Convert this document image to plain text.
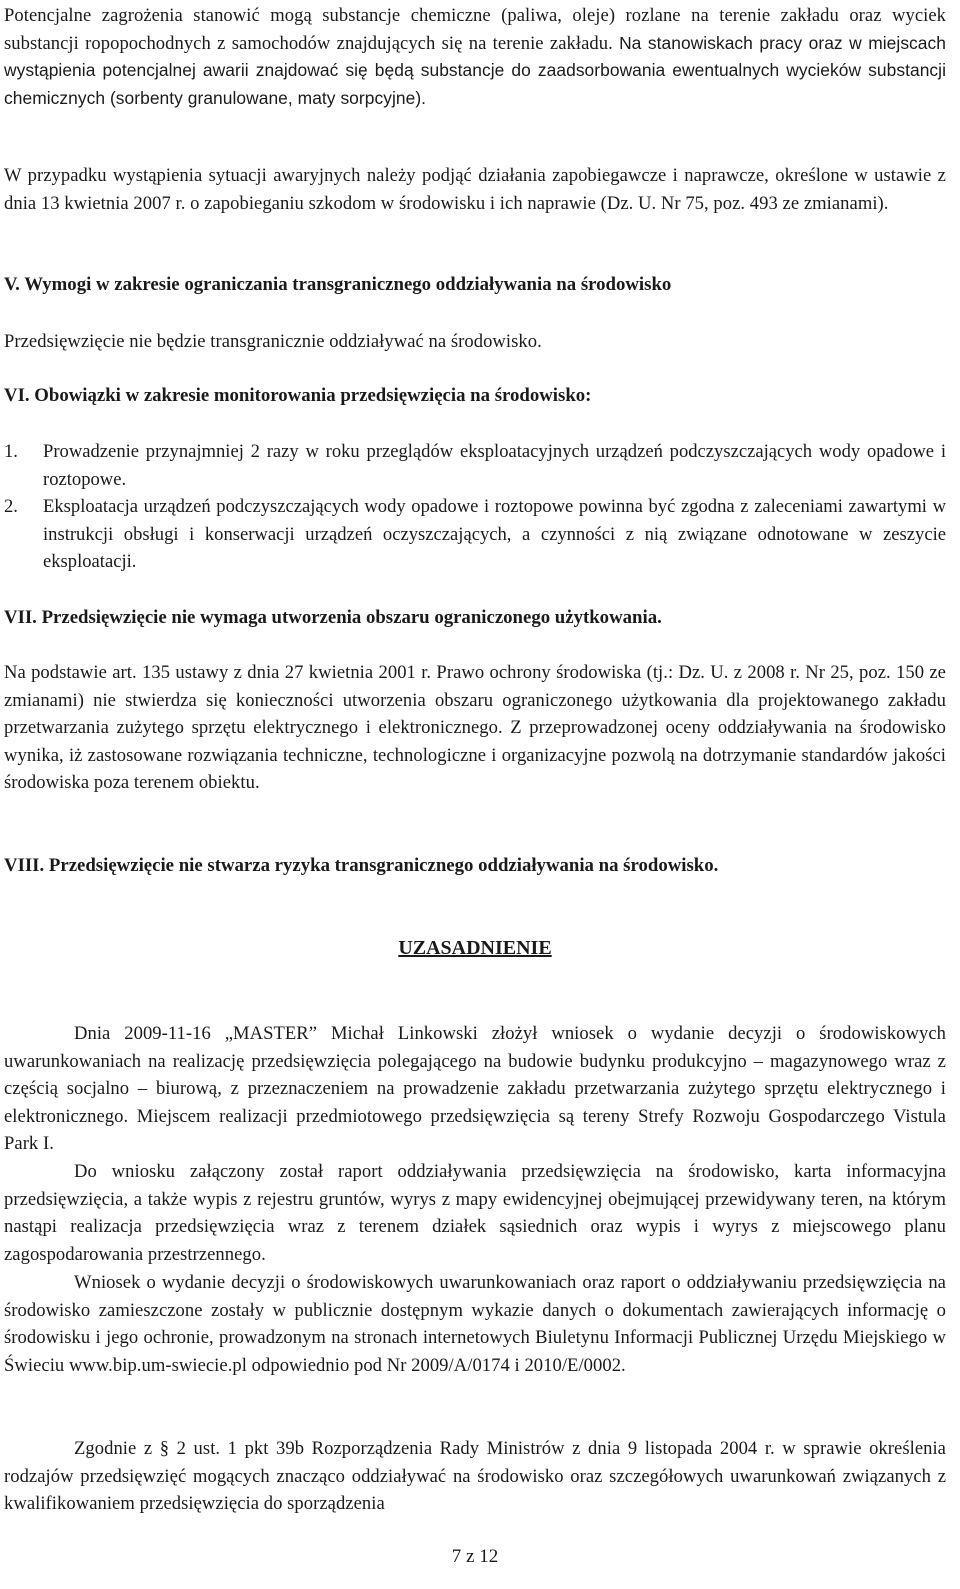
Potencjalne zagrożenia stanowić mogą substancje chemiczne (paliwa, oleje) rozlane na terenie zakładu oraz wyciek substancji ropopochodnych z samochodów znajdujących się na terenie zakładu. Na stanowiskach pracy oraz w miejscach wystąpienia potencjalnej awarii znajdować się będą substancje do zaadsorbowania ewentualnych wycieków substancji chemicznych (sorbenty granulowane, maty sorpcyjne).

W przypadku wystąpienia sytuacji awaryjnych należy podjąć działania zapobiegawcze i naprawcze, określone w ustawie z dnia 13 kwietnia 2007 r. o zapobieganiu szkodom w środowisku i ich naprawie (Dz. U. Nr 75, poz. 493 ze zmianami).

V. Wymogi w zakresie ograniczania transgranicznego oddziaływania na środowisko

Przedsięwzięcie nie będzie transgranicznie oddziaływać na środowisko.

VI. Obowiązki w zakresie monitorowania przedsięwzięcia na środowisko:
1. Prowadzenie przynajmniej 2 razy w roku przeglądów eksploatacyjnych urządzeń podczyszczających wody opadowe i roztopowe.
2. Eksploatacja urządzeń podczyszczających wody opadowe i roztopowe powinna być zgodna z zaleceniami zawartymi w instrukcji obsługi i konserwacji urządzeń oczyszczających, a czynności z nią związane odnotowane w zeszycie eksploatacji.
VII. Przedsięwzięcie nie wymaga utworzenia obszaru ograniczonego użytkowania.

Na podstawie art. 135 ustawy z dnia 27 kwietnia 2001 r. Prawo ochrony środowiska (tj.: Dz. U. z 2008 r. Nr 25, poz. 150 ze zmianami) nie stwierdza się konieczności utworzenia obszaru ograniczonego użytkowania dla projektowanego zakładu przetwarzania zużytego sprzętu elektrycznego i elektronicznego. Z przeprowadzonej oceny oddziaływania na środowisko wynika, iż zastosowane rozwiązania techniczne, technologiczne i organizacyjne pozwolą na dotrzymanie standardów jakości środowiska poza terenem obiektu.

VIII. Przedsięwzięcie nie stwarza ryzyka transgranicznego oddziaływania na środowisko.
UZASADNIENIE

Dnia 2009-11-16 „MASTER” Michał Linkowski złożył wniosek o wydanie decyzji o środowiskowych uwarunkowaniach na realizację przedsięwzięcia polegającego na budowie budynku produkcyjno – magazynowego wraz z częścią socjalno – biurową, z przeznaczeniem na prowadzenie zakładu przetwarzania zużytego sprzętu elektrycznego i elektronicznego. Miejscem realizacji przedmiotowego przedsięwzięcia są tereny Strefy Rozwoju Gospodarczego Vistula Park I.

Do wniosku załączony został raport oddziaływania przedsięwzięcia na środowisko, karta informacyjna przedsięwzięcia, a także wypis z rejestru gruntów, wyrys z mapy ewidencyjnej obejmującej przewidywany teren, na którym nastąpi realizacja przedsięwzięcia wraz z terenem działek sąsiednich oraz wypis i wyrys z miejscowego planu zagospodarowania przestrzennego.

Wniosek o wydanie decyzji o środowiskowych uwarunkowaniach oraz raport o oddziaływaniu przedsięwzięcia na środowisko zamieszczone zostały w publicznie dostępnym wykazie danych o dokumentach zawierających informację o środowisku i jego ochronie, prowadzonym na stronach internetowych Biuletynu Informacji Publicznej Urzędu Miejskiego w Świeciu www.bip.um-swiecie.pl odpowiednio pod Nr 2009/A/0174 i 2010/E/0002.

Zgodnie z § 2 ust. 1 pkt 39b Rozporządzenia Rady Ministrów z dnia 9 listopada 2004 r. w sprawie określenia rodzajów przedsięwzięć mogących znacząco oddziaływać na środowisko oraz szczegółowych uwarunkowań związanych z kwalifikowaniem przedsięwzięcia do sporządzenia

7 z 12
